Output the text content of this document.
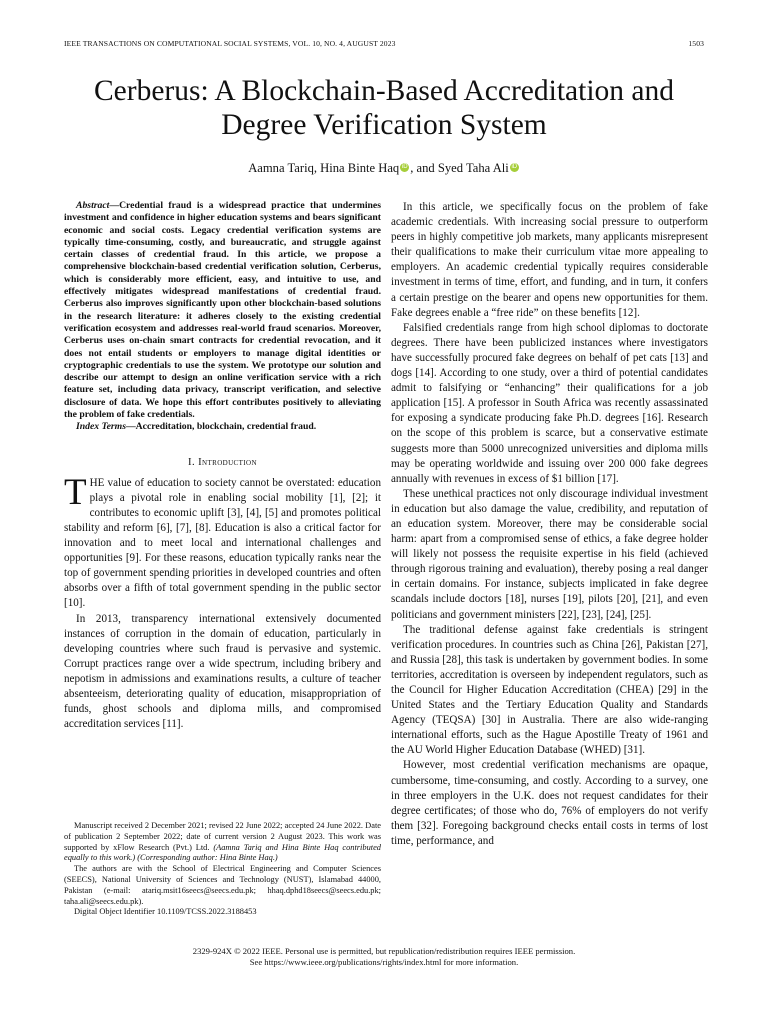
IEEE TRANSACTIONS ON COMPUTATIONAL SOCIAL SYSTEMS, VOL. 10, NO. 4, AUGUST 2023	1503
Cerberus: A Blockchain-Based Accreditation and
Degree Verification System
Aamna Tariq, Hina Binte Haq iD , and Syed Taha Ali iD

Abstract—Credential fraud is a widespread practice that undermines investment and confidence in higher education systems and bears significant economic and social costs. Legacy credential verification systems are typically time-consuming, costly, and bureaucratic, and struggle against certain classes of credential fraud. In this article, we propose a comprehensive blockchain-based credential verification solution, Cerberus, which is considerably more efficient, easy, and intuitive to use, and effectively mitigates widespread manifestations of credential fraud. Cerberus also improves significantly upon other blockchain-based solutions in the research literature: it adheres closely to the existing credential verification ecosystem and addresses real-world fraud scenarios. Moreover, Cerberus uses on-chain smart contracts for credential revocation, and it does not entail students or employers to manage digital identities or cryptographic credentials to use the system. We prototype our solution and describe our attempt to design an online verification service with a rich feature set, including data privacy, transcript verification, and selective disclosure of data. We hope this effort contributes positively to alleviating the problem of fake credentials.

Index Terms—Accreditation, blockchain, credential fraud.

I. Introduction

THE value of education to society cannot be overstated: education plays a pivotal role in enabling social mobility [1], [2]; it contributes to economic uplift [3], [4], [5] and promotes political stability and reform [6], [7], [8]. Education is also a critical factor for innovation and to meet local and international challenges and opportunities [9]. For these reasons, education typically ranks near the top of government spending priorities in developed countries and often absorbs over a fifth of total government spending in the public sector [10].

In 2013, transparency international extensively documented instances of corruption in the domain of education, particularly in developing countries where such fraud is pervasive and systemic. Corrupt practices range over a wide spectrum, including bribery and nepotism in admissions and examinations results, a culture of teacher absenteeism, deteriorating quality of education, misappropriation of funds, ghost schools and diploma mills, and compromised accreditation services [11].

In this article, we specifically focus on the problem of fake academic credentials. With increasing social pressure to outperform peers in highly competitive job markets, many applicants misrepresent their qualifications to make their curriculum vitae more appealing to employers. An academic credential typically requires considerable investment in terms of time, effort, and funding, and in turn, it confers a certain prestige on the bearer and opens new opportunities for them. Fake degrees enable a “free ride” on these benefits [12].

Falsified credentials range from high school diplomas to doctorate degrees. There have been publicized instances where investigators have successfully procured fake degrees on behalf of pet cats [13] and dogs [14]. According to one study, over a third of potential candidates admit to falsifying or “enhancing” their qualifications for a job application [15]. A professor in South Africa was recently assassinated for exposing a syndicate producing fake Ph.D. degrees [16]. Research on the scope of this problem is scarce, but a conservative estimate suggests more than 5000 unrecognized universities and diploma mills may be operating worldwide and issuing over 200 000 fake degrees annually with revenues in excess of $1 billion [17].

These unethical practices not only discourage individual investment in education but also damage the value, credibility, and reputation of an education system. Moreover, there may be considerable social harm: apart from a compromised sense of ethics, a fake degree holder will likely not possess the requisite expertise in his field (achieved through rigorous training and evaluation), thereby posing a real danger in certain domains. For instance, subjects implicated in fake degree scandals include doctors [18], nurses [19], pilots [20], [21], and even politicians and government ministers [22], [23], [24], [25].

The traditional defense against fake credentials is stringent verification procedures. In countries such as China [26], Pakistan [27], and Russia [28], this task is undertaken by government bodies. In some territories, accreditation is overseen by independent regulators, such as the Council for Higher Education Accreditation (CHEA) [29] in the United States and the Tertiary Education Quality and Standards Agency (TEQSA) [30] in Australia. There are also wide-ranging international efforts, such as the Hague Apostille Treaty of 1961 and the AU World Higher Education Database (WHED) [31].

However, most credential verification mechanisms are opaque, cumbersome, time-consuming, and costly. According to a survey, one in three employers in the U.K. does not request candidates for their degree certificates; of those who do, 76% of employers do not verify them [32]. Foregoing background checks entail costs in terms of lost time, performance, and

Manuscript received 2 December 2021; revised 22 June 2022; accepted 24 June 2022. Date of publication 2 September 2022; date of current version 2 August 2023. This work was supported by xFlow Research (Pvt.) Ltd. (Aamna Tariq and Hina Binte Haq contributed equally to this work.) (Corresponding author: Hina Binte Haq.)

The authors are with the School of Electrical Engineering and Computer Sciences (SEECS), National University of Sciences and Technology (NUST), Islamabad 44000, Pakistan (e-mail: atariq.msit16seecs@seecs.edu.pk; hhaq.dphd18seecs@seecs.edu.pk; taha.ali@seecs.edu.pk).

Digital Object Identifier 10.1109/TCSS.2022.3188453

2329-924X © 2022 IEEE. Personal use is permitted, but republication/redistribution requires IEEE permission.
See https://www.ieee.org/publications/rights/index.html for more information.
